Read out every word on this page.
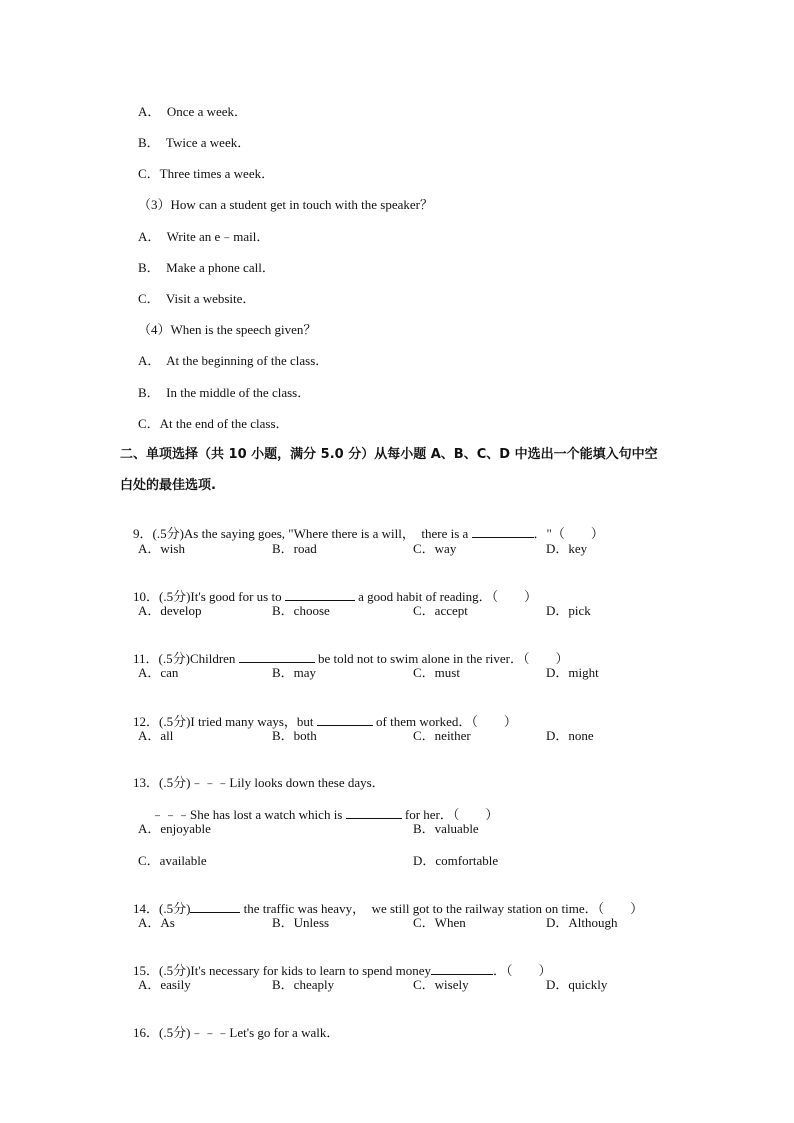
A．  Once a week．
B．  Twice a week．
C．Three times a week．
（3）How can a student get in touch with the speaker？
A．  Write an e﹣mail．
B．  Make a phone call．
C．  Visit a website．
（4）When is the speech given？
A．  At the beginning of the class．
B．  In the middle of the class．
C．At the end of the class．
二、单项选择（共 10 小题，满分 5.0 分）从每小题 A、B、C、D 中选出一个能填入句中空
白处的最佳选项.

9．(.5分)As the saying goes, "Where there is a will，  there is a	．"（　　）

A．wish	B．road	C．way	D．key

10．(.5分)It's good for us to	a good habit of reading．（　　）

A．develop	B．choose	C．accept	D．pick

11．(.5分)Children	be told not to swim alone in the river．（　　）

A．can	B．may	C．must	D．might

12．(.5分)I tried many ways，but	of them worked．（　　）

A．all	B．both	C．neither	D．none

13．(.5分)﹣﹣﹣Lily looks down these days．

﹣﹣﹣She has lost a watch which is	for her．（　　）

A．enjoyable	B．valuable
C．available	D．comfortable

14．(.5分)	the traffic was heavy，  we still got to the railway station on time．（　　）

A．As	B．Unless	C．When	D．Although

15．(.5分)It's necessary for kids to learn to spend money	．（　　）

A．easily	B．cheaply	C．wisely	D．quickly

16．(.5分)﹣﹣﹣Let's go for a walk．
